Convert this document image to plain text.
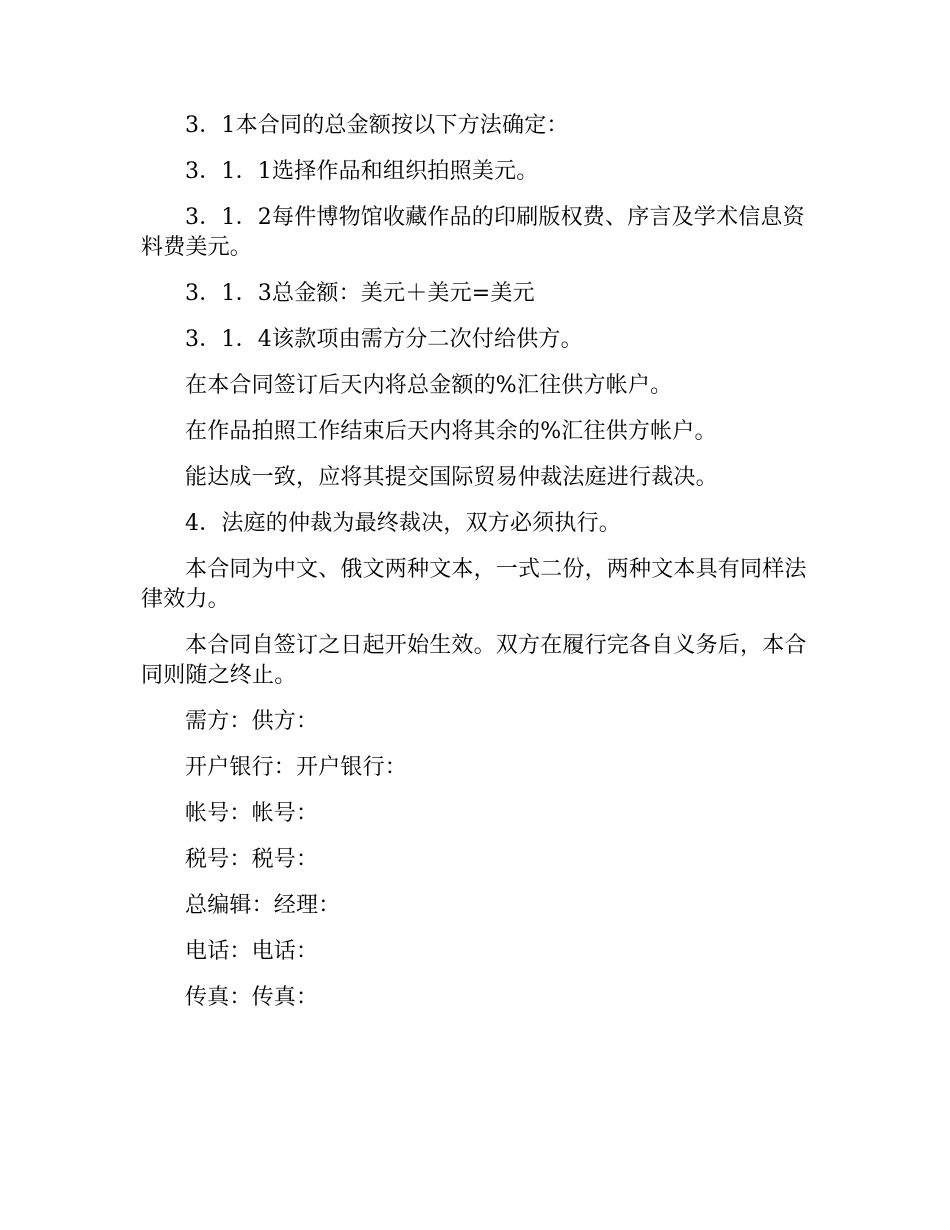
3．1本合同的总金额按以下方法确定：

3．1．1选择作品和组织拍照美元。

3．1．2每件博物馆收藏作品的印刷版权费、序言及学术信息资料费美元。

3．1．3总金额：美元＋美元=美元

3．1．4该款项由需方分二次付给供方。

在本合同签订后天内将总金额的%汇往供方帐户。

在作品拍照工作结束后天内将其余的%汇往供方帐户。

能达成一致，应将其提交国际贸易仲裁法庭进行裁决。

4．法庭的仲裁为最终裁决，双方必须执行。

本合同为中文、俄文两种文本，一式二份，两种文本具有同样法律效力。

本合同自签订之日起开始生效。双方在履行完各自义务后，本合同则随之终止。

需方：供方：

开户银行：开户银行：

帐号：帐号：

税号：税号：

总编辑：经理：

电话：电话：

传真：传真：
